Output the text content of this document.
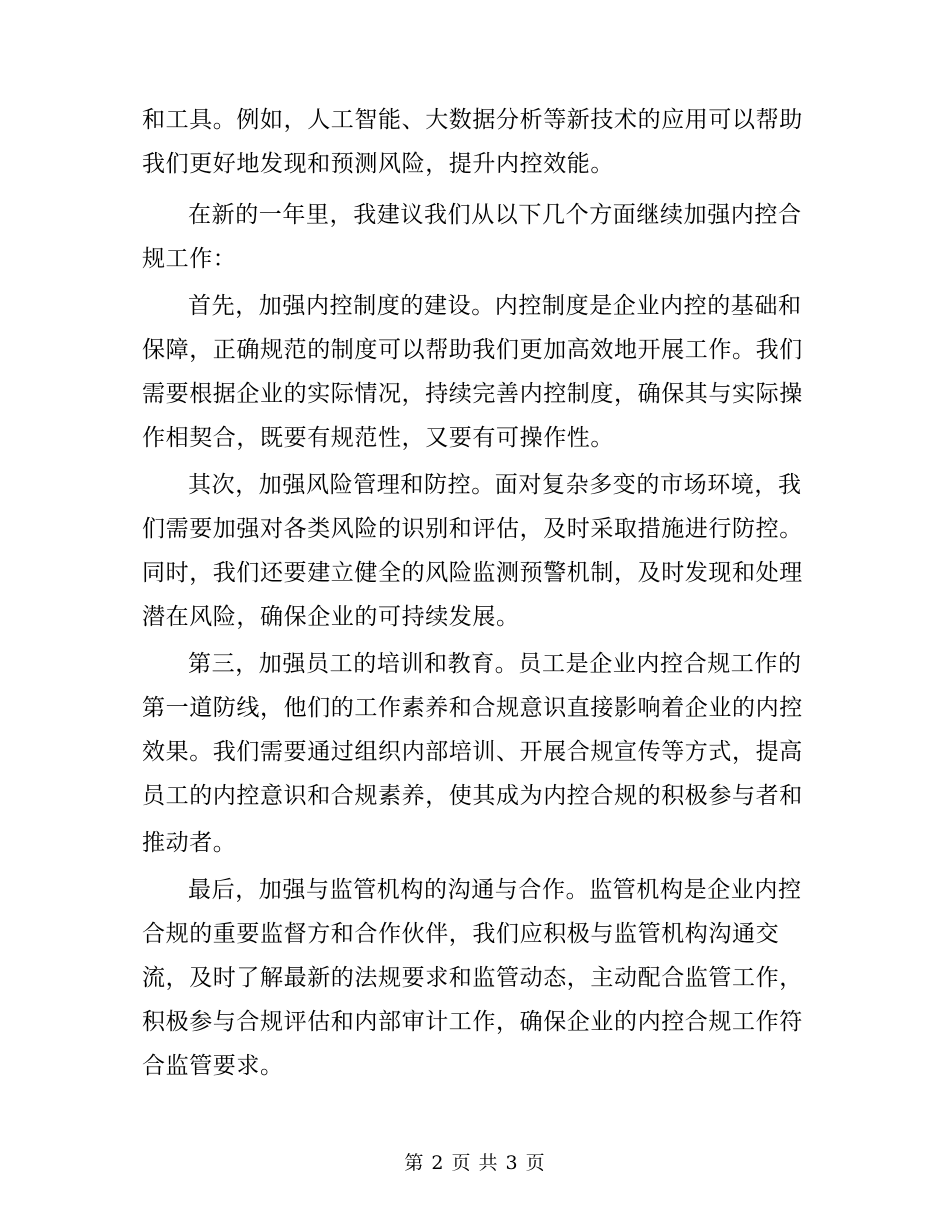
和工具。例如，人工智能、大数据分析等新技术的应用可以帮助
我们更好地发现和预测风险，提升内控效能。
在新的一年里，我建议我们从以下几个方面继续加强内控合
规工作：
首先，加强内控制度的建设。内控制度是企业内控的基础和
保障，正确规范的制度可以帮助我们更加高效地开展工作。我们
需要根据企业的实际情况，持续完善内控制度，确保其与实际操
作相契合，既要有规范性，又要有可操作性。
其次，加强风险管理和防控。面对复杂多变的市场环境，我
们需要加强对各类风险的识别和评估，及时采取措施进行防控。
同时，我们还要建立健全的风险监测预警机制，及时发现和处理
潜在风险，确保企业的可持续发展。
第三，加强员工的培训和教育。员工是企业内控合规工作的
第一道防线，他们的工作素养和合规意识直接影响着企业的内控
效果。我们需要通过组织内部培训、开展合规宣传等方式，提高
员工的内控意识和合规素养，使其成为内控合规的积极参与者和
推动者。
最后，加强与监管机构的沟通与合作。监管机构是企业内控
合规的重要监督方和合作伙伴，我们应积极与监管机构沟通交
流，及时了解最新的法规要求和监管动态，主动配合监管工作，
积极参与合规评估和内部审计工作，确保企业的内控合规工作符
合监管要求。
第 2 页 共 3 页
